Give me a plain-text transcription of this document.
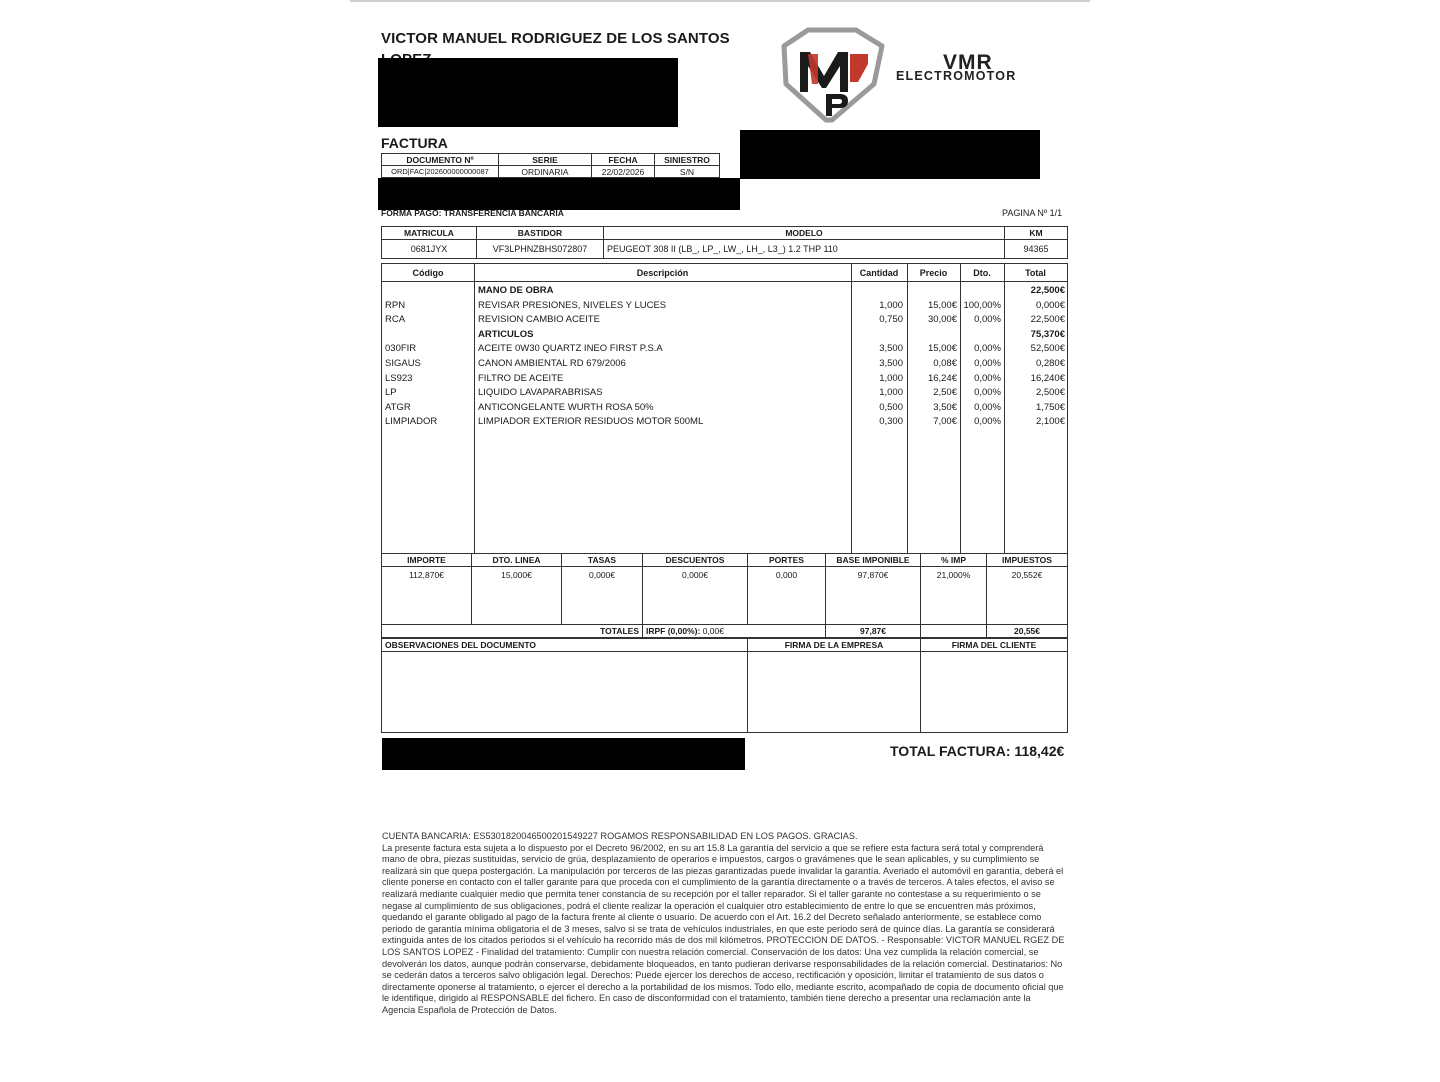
VICTOR MANUEL RODRIGUEZ DE LOS SANTOS
VMR
ELECTROMOTOR
FACTURA
DOCUMENTO Nº	SERIE	FECHA	SINIESTRO
ORD|FAC|202600000000087	ORDINARIA	22/02/2026	S/N
FORMA PAGO: TRANSFERENCIA BANCARIA	PAGINA Nº 1/1
MATRICULA	BASTIDOR	MODELO	KM
0681JYX	VF3LPHNZBHS072807	PEUGEOT 308 II (LB_, LP_, LW_, LH_, L3_) 1.2 THP 110	94365
Código	Descripción	Cantidad	Precio	Dto.	Total
MANO DE OBRA	22,500€
RPN	REVISAR PRESIONES, NIVELES Y LUCES	1,000	15,00€ 100,00%	0,000€
RCA	REVISION CAMBIO ACEITE	0,750	30,00€	0,00%	22,500€
ARTICULOS	75,370€
030FIR	ACEITE 0W30 QUARTZ INEO FIRST P.S.A	3,500	15,00€	0,00%	52,500€
SIGAUS	CANON AMBIENTAL RD 679/2006	3,500	0,08€	0,00%	0,280€
LS923	FILTRO DE ACEITE	1,000	16,24€	0,00%	16,240€
LP	LIQUIDO LAVAPARABRISAS	1,000	2,50€	0,00%	2,500€
ATGR	ANTICONGELANTE WURTH ROSA 50%	0,500	3,50€	0,00%	1,750€
LIMPIADOR	LIMPIADOR EXTERIOR RESIDUOS MOTOR 500ML	0,300	7,00€	0,00%	2,100€
IMPORTE	DTO. LINEA	TASAS	DESCUENTOS	PORTES	BASE IMPONIBLE	% IMP	IMPUESTOS
112,870€	15,000€	0,000€	0,000€	0,000	97,870€	21,000%	20,552€
TOTALES			IRPF (0,00%): 0,00€		97,87€		20,55€
OBSERVACIONES DEL DOCUMENTO	FIRMA DE LA EMPRESA	FIRMA DEL CLIENTE

TOTAL FACTURA: 118,42€

CUENTA BANCARIA: ES5301820046500201549227 ROGAMOS RESPONSABILIDAD EN LOS PAGOS. GRACIAS.

La presente factura esta sujeta a lo dispuesto por el Decreto 96/2002, en su art 15.8 La garantía del servicio a que se refiere esta factura será total y comprenderá mano de obra, piezas sustituidas, servicio de grúa, desplazamiento de operarios e impuestos, cargos o gravámenes que le sean aplicables, y su cumplimiento se realizará sin que quepa postergación. La manipulación por terceros de las piezas garantizadas puede invalidar la garantía. Averiado el automóvil en garantía, deberá el cliente ponerse en contacto con el taller garante para que proceda con el cumplimiento de la garantía directamente o a través de terceros. A tales efectos, el aviso se realizará mediante cualquier medio que permita tener constancia de su recepción por el taller reparador. Si el taller garante no contestase a su requerimiento o se negase al cumplimiento de sus obligaciones, podrá el cliente realizar la operación el cualquier otro establecimiento de entre lo que se encuentren más próximos, quedando el garante obligado al pago de la factura frente al cliente o usuario. De acuerdo con el Art. 16.2 del Decreto señalado anteriormente, se establece como periodo de garantía mínima obligatoria el de 3 meses, salvo si se trata de vehículos industriales, en que este periodo será de quince días. La garantía se considerará extinguida antes de los citados periodos si el vehículo ha recorrido más de dos mil kilómetros. PROTECCION DE DATOS. - Responsable: VICTOR MANUEL RGEZ DE LOS SANTOS LOPEZ - Finalidad del tratamiento: Cumplir con nuestra relación comercial. Conservación de los datos: Una vez cumplida la relación comercial, se devolverán los datos, aunque podrán conservarse, debidamente bloqueados, en tanto pudieran derivarse responsabilidades de la relación comercial. Destinatarios: No se cederán datos a terceros salvo obligación legal. Derechos: Puede ejercer los derechos de acceso, rectificación y oposición, limitar el tratamiento de sus datos o directamente oponerse al tratamiento, o ejercer el derecho a la portabilidad de los mismos. Todo ello, mediante escrito, acompañado de copia de documento oficial que le identifique, dirigido al RESPONSABLE del fichero. En caso de disconformidad con el tratamiento, también tiene derecho a presentar una reclamación ante la Agencia Española de Protección de Datos.
